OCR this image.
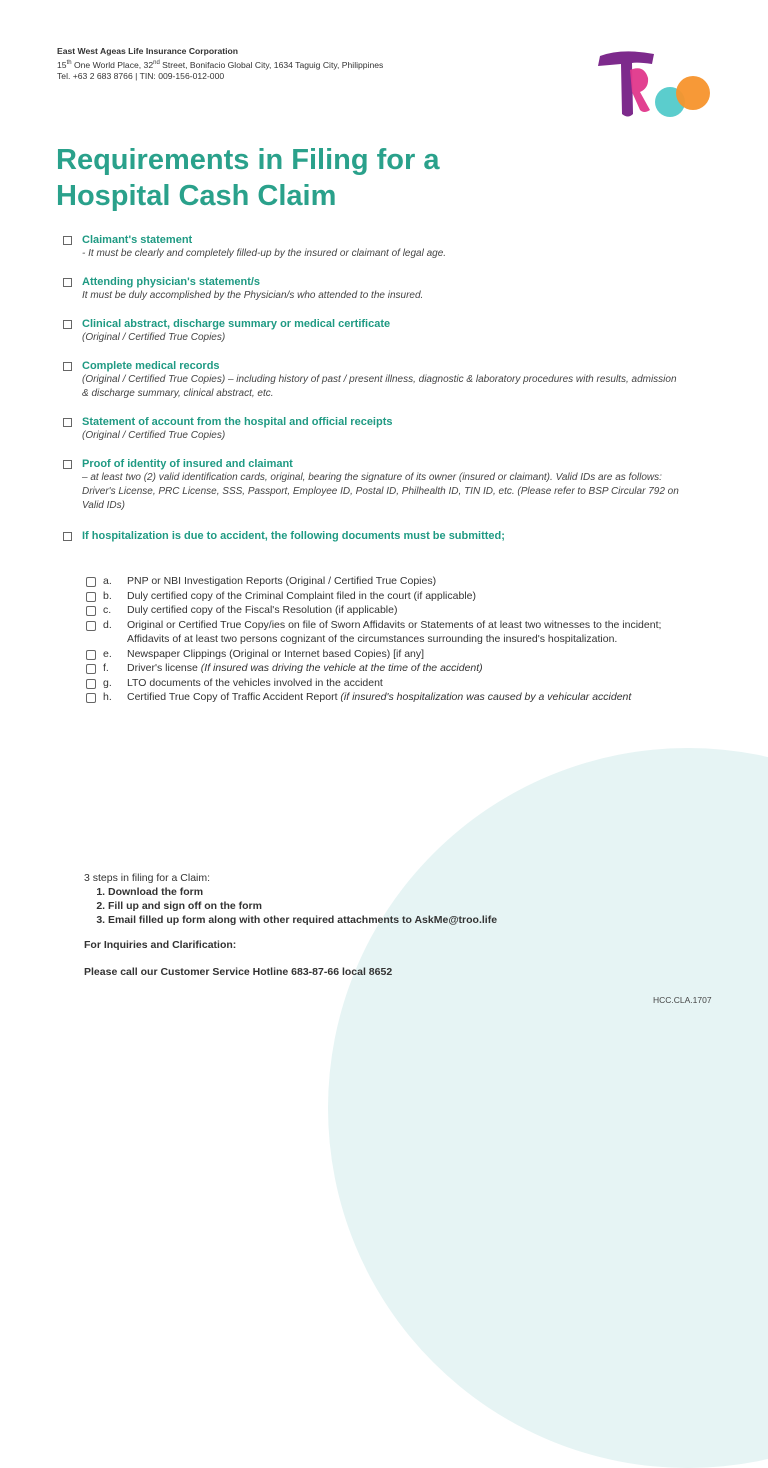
East West Ageas Life Insurance Corporation
15th One World Place, 32nd Street, Bonifacio Global City, 1634 Taguig City, Philippines
Tel. +63 2 683 8766 | TIN: 009-156-012-000
Requirements in Filing for a
Hospital Cash Claim
Claimant's statement
- It must be clearly and completely filled-up by the insured or claimant of legal age.
Attending physician's statement/s
It must be duly accomplished by the Physician/s who attended to the insured.
Clinical abstract, discharge summary or medical certificate
(Original / Certified True Copies)
Complete medical records
(Original / Certified True Copies) – including history of past / present illness, diagnostic & laboratory procedures with results, admission & discharge summary, clinical abstract, etc.
Statement of account from the hospital and official receipts
(Original / Certified True Copies)
Proof of identity of insured and claimant
– at least two (2) valid identification cards, original, bearing the signature of its owner (insured or claimant). Valid IDs are as follows: Driver's License, PRC License, SSS, Passport, Employee ID, Postal ID, Philhealth ID, TIN ID, etc. (Please refer to BSP Circular 792 on Valid IDs)
If hospitalization is due to accident, the following documents must be submitted;
a. PNP or NBI Investigation Reports (Original / Certified True Copies)
b. Duly certified copy of the Criminal Complaint filed in the court (if applicable)
c. Duly certified copy of the Fiscal's Resolution (if applicable)
d. Original or Certified True Copy/ies on file of Sworn Affidavits or Statements of at least two witnesses to the incident; Affidavits of at least two persons cognizant of the circumstances surrounding the insured's hospitalization.
e. Newspaper Clippings (Original or Internet based Copies) [if any]
f. Driver's license (If insured was driving the vehicle at the time of the accident)
g. LTO documents of the vehicles involved in the accident
h. Certified True Copy of Traffic Accident Report (if insured's hospitalization was caused by a vehicular accident
3 steps in filing for a Claim:
1. Download the form
2. Fill up and sign off on the form
3. Email filled up form along with other required attachments to AskMe@troo.life
For Inquiries and Clarification:
Please call our Customer Service Hotline 683-87-66 local 8652
HCC.CLA.1707
